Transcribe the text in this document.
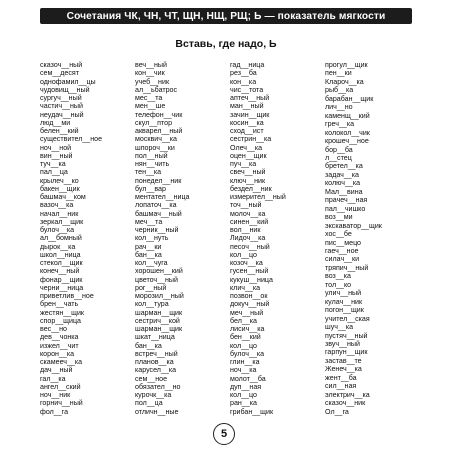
Сочетания ЧК, ЧН, ЧТ, ЩН, НЩ, РЩ; Ь — показатель мягкости
Вставь, где надо, Ь
сказоч__ный
сем__десят
однофамил__цы
чудовищ__ный
сургуч__ный
частич__ный
неудач__ный
люд__ми
белен__кий
существител__ное
ноч__ной
вин__ный
туч__ка
пал__ца
крылеч__ко
бакен__щик
башмач__ком
вазоч__ка
начал__ник
зеркал__щик
булоч__ка
ал__бомный
дырок__ка
школ__ница
стекол__щик
конеч__ный
фонар__щик
черни__ница
приветлив__ное
брен__чать
жестян__щик
спор__щица
вес__но
дев__чонка
изжел__чит
корон__ка
скамееч__ка
дач__ный
гал__ка
ангел__ский
ноч__ник
горнич__ный
фол__га
веч__ный
кон__чик
учеб__ник
ал__ьбатрос
мес__та
мен__ше
телефон__чик
скул__птор
акварел__ный
москвич__ка
шпороч__ки
пол__ный
нян__чить
тен__ка
понедел__ник
бул__вар
ментател__ница
лопаточ__ка
башмач__ный
меч__та
черник__ный
кол__нуть
рач__ки
бан__ка
кол__чуга
хорошен__кий
цветоч__ный
рог__ный
морозил__ный
кол__тура
шарман__щик
сестрич__кой
шарман__щик
шкат__ница
бан__ка
встреч__ный
планов__ка
карусел__ка
сем__ное
обязател__но
курочк__ка
пол__ца
отличн__ные
гад__ница
рез__ба
кон__ка
чис__тота
аптеч__ный
ман__ный
зачин__щик
косин__ка
сход__ист
сестрин__ка
Олеч__ка
оцен__щик
пуч__ка
свеч__ный
ключ__ник
бездел__ник
измерител__ный
точ__ный
молоч__ка
синен__кий
вол__ник
Лидоч__ка
песоч__ный
кол__цо
козоч__ка
гусен__ный
кукуш__ница
клич__ка
позвон__ок
докуч__ный
меч__ный
бел__ка
лисич__ка
бен__кий
кол__цо
булоч__ка
глин__ка
ноч__ка
молот__ба
дуп__ная
кол__цо
ран__ка
грибан__щик
прогул__щик
пен__ки
Клароч__ка
рыб__ка
барабан__щик
лич__но
каменщ__кий
греч__ка
колокол__чик
крошеч__ное
бор__ба
л__стец
бретел__ка
задач__ка
колюч__ка
Мал__вина
прачеч__ная
пал__чишко
воз__ми
экскаватор__щик
хос__бе
пис__мецо
гаеч__ное
силач__ки
тряпич__ный
воз__ка
тол__ко
улич__ный
кулач__ник
погон__щик
учител__ская
шуч__ка
пустяч__ный
звуч__ный
гарпун__щик
застав__те
Женеч__ка
жент__ба
сил__ная
электрич__ка
сказоч__ник
Ол__га
5
